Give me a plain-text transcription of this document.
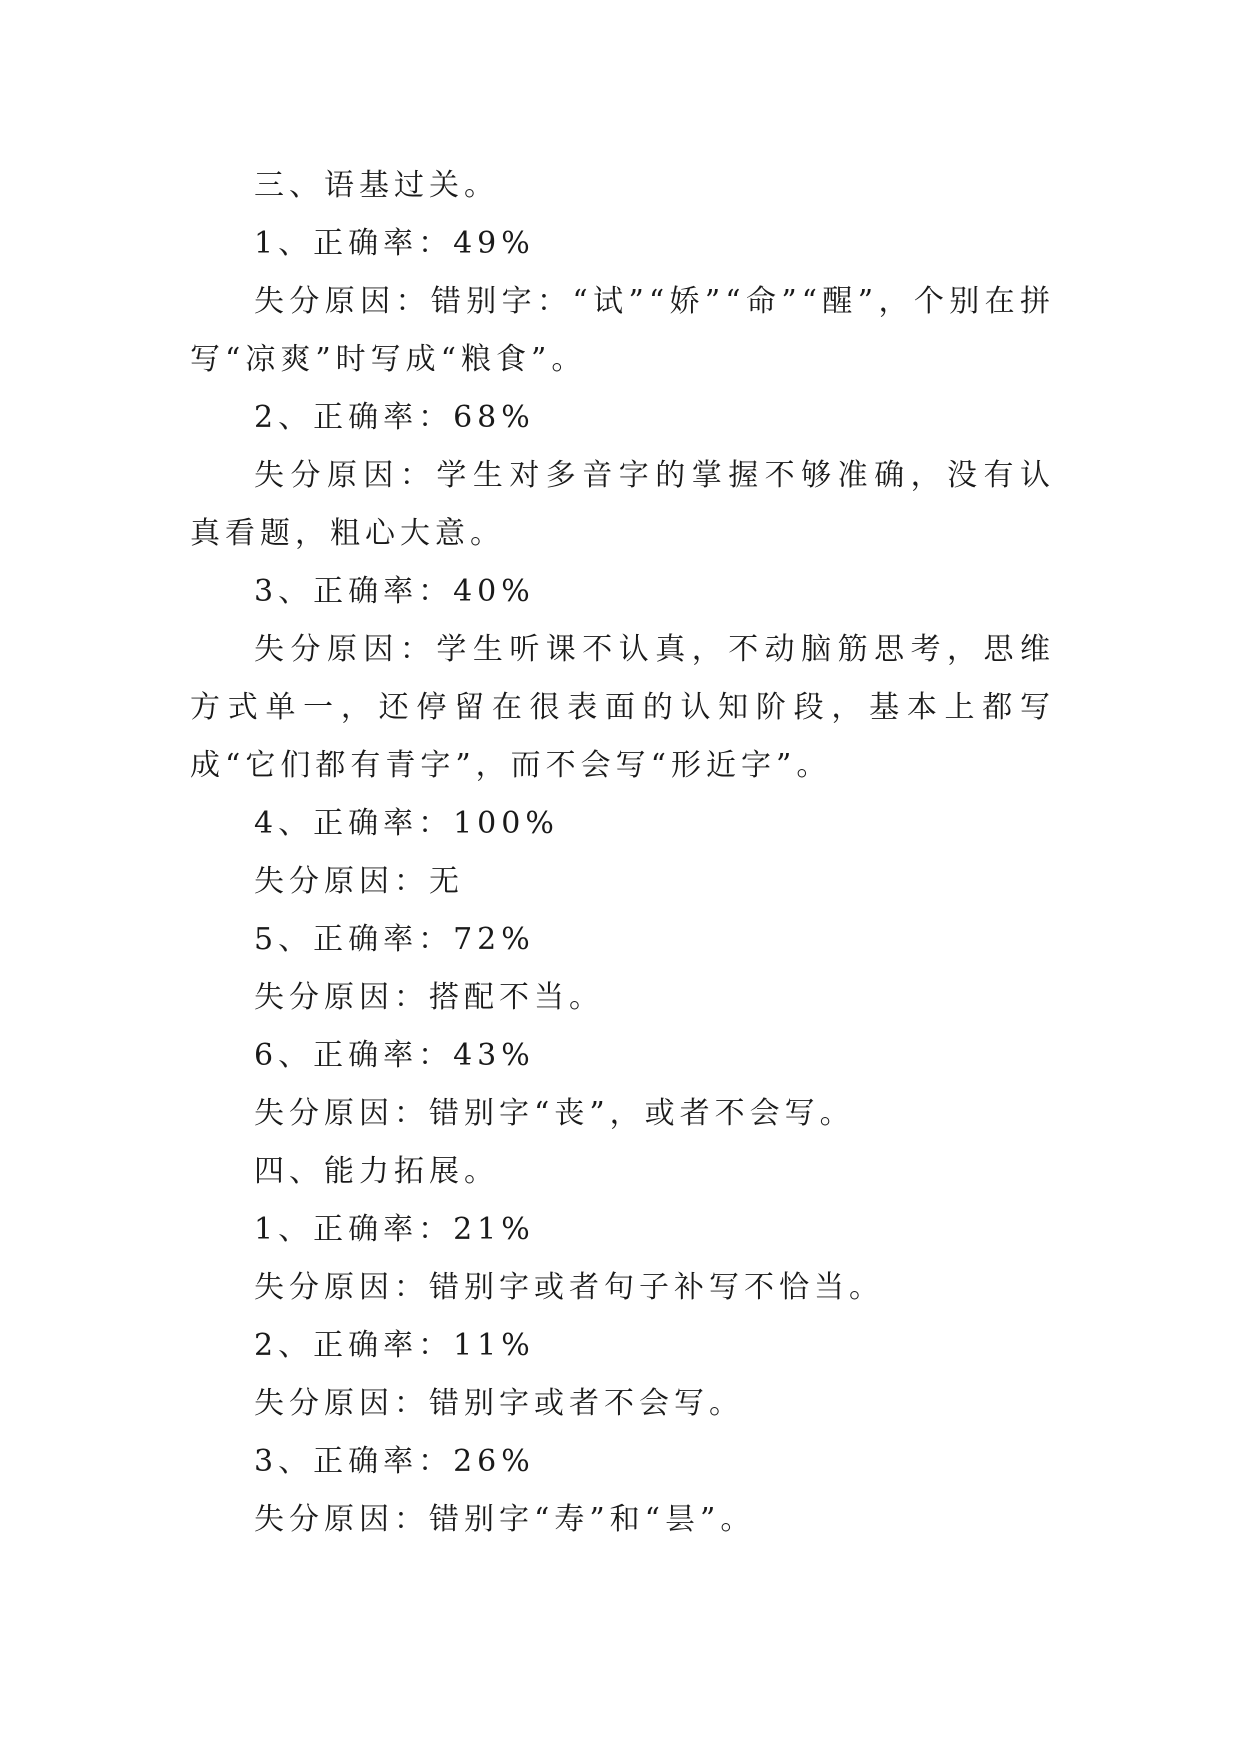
三、语基过关。

1、正确率：49%

失分原因：错别字：“试”“娇”“命”“醒”，个别在拼写“凉爽”时写成“粮食”。

2、正确率：68%

失分原因：学生对多音字的掌握不够准确，没有认真看题，粗心大意。

3、正确率：40%

失分原因：学生听课不认真，不动脑筋思考，思维方式单一，还停留在很表面的认知阶段，基本上都写成“它们都有青字”，而不会写“形近字”。

4、正确率：100%

失分原因：无

5、正确率：72%

失分原因：搭配不当。

6、正确率：43%

失分原因：错别字“丧”，或者不会写。

四、能力拓展。

1、正确率：21%

失分原因：错别字或者句子补写不恰当。

2、正确率：11%

失分原因：错别字或者不会写。

3、正确率：26%

失分原因：错别字“寿”和“昙”。
